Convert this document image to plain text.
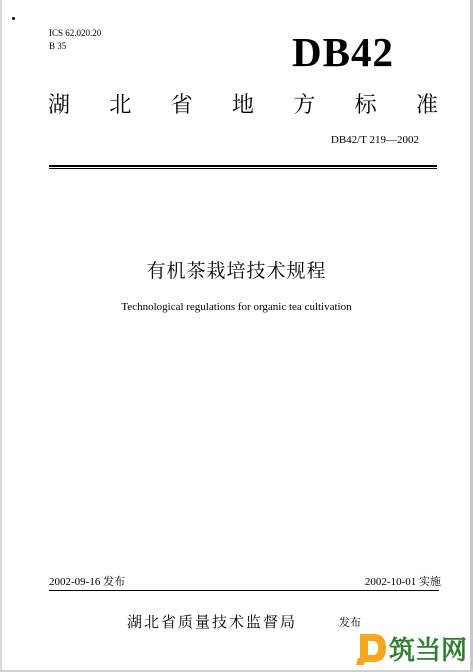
ICS 62.020.20
B 35	DB42
湖 北 省 地 方 标 准
DB42/T 219—2002
有机茶栽培技术规程
Technological regulations for organic tea cultivation
2002-09-16 发布	2002-10-01 实施
湖北省质量技术监督局	发布
筑当网
